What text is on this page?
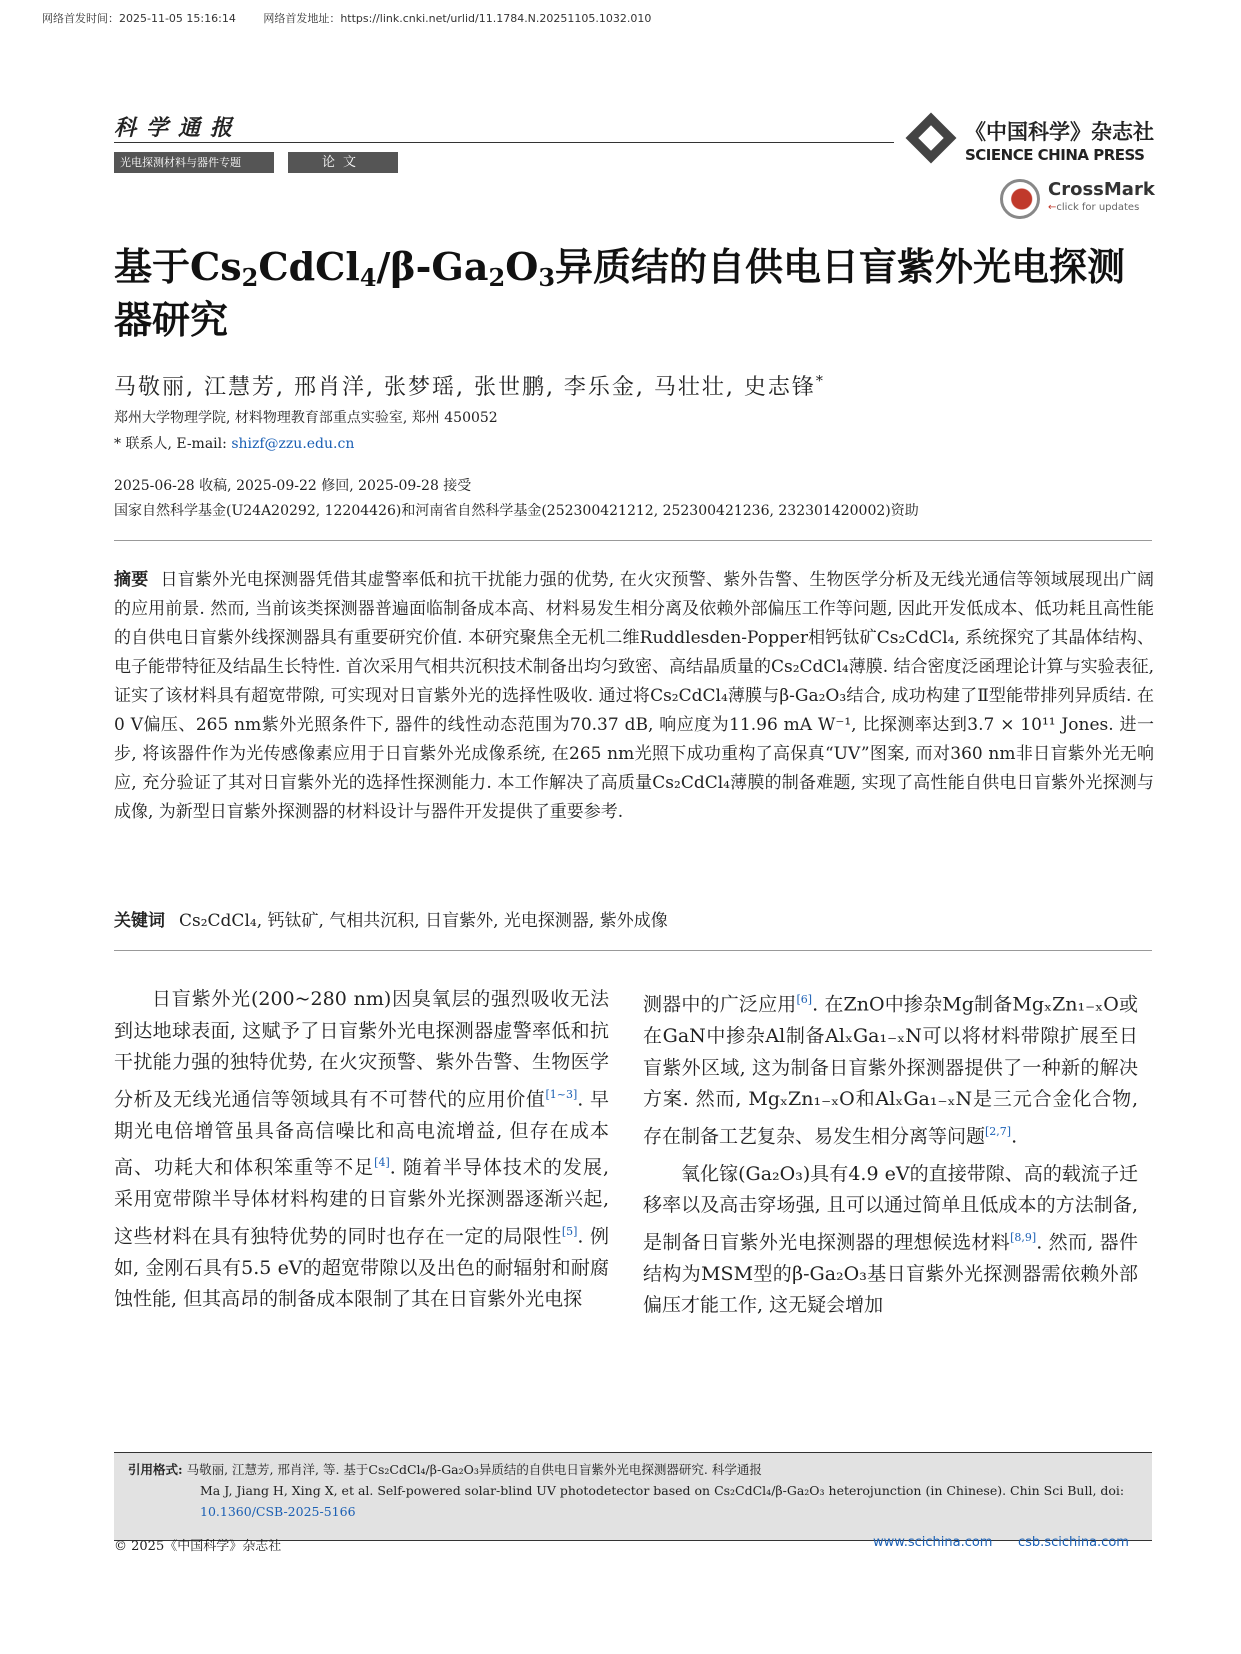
网络首发时间：2025-11-05 15:16:14	网络首发地址：https://link.cnki.net/urlid/11.1784.N.20251105.1032.010
科学通报
光电探测材料与器件专题	论文
《中国科学》杂志社
SCIENCE CHINA PRESS
CrossMark
← click for updates
基于$Cs_2CdCl_4/\beta-Ga_2O_3$异质结的自供电日盲紫外光电探测器研究
马敬丽, 江慧芳, 邢肖洋, 张梦瑶, 张世鹏, 李乐金, 马壮壮, 史志锋*
郑州大学物理学院, 材料物理教育部重点实验室, 郑州 450052
* 联系人, E-mail: shizf@zzu.edu.cn
2025-06-28 收稿, 2025-09-22 修回, 2025-09-28 接受
国家自然科学基金(U24A20292, 12204426)和河南省自然科学基金(252300421212, 252300421236, 232301420002)资助
摘要 日盲紫外光电探测器凭借其虚警率低和抗干扰能力强的优势, 在火灾预警、紫外告警、生物医学分析及无线光通信等领域展现出广阔的应用前景. 然而, 当前该类探测器普遍面临制备成本高、材料易发生相分离及依赖外部偏压工作等问题, 因此开发低成本、低功耗且高性能的自供电日盲紫外线探测器具有重要研究价值. 本研究聚焦全无机二维Ruddlesden-Popper相钙钛矿Cs₂CdCl₄, 系统探究了其晶体结构、电子能带特征及结晶生长特性. 首次采用气相共沉积技术制备出均匀致密、高结晶质量的Cs₂CdCl₄薄膜. 结合密度泛函理论计算与实验表征, 证实了该材料具有超宽带隙, 可实现对日盲紫外光的选择性吸收. 通过将Cs₂CdCl₄薄膜与β-Ga₂O₃结合, 成功构建了Ⅱ型能带排列异质结. 在0 V偏压、265 nm紫外光照条件下, 器件的线性动态范围为70.37 dB, 响应度为11.96 mA W⁻¹, 比探测率达到3.7 × 10¹¹ Jones. 进一步, 将该器件作为光传感像素应用于日盲紫外光成像系统, 在265 nm光照下成功重构了高保真“UV”图案, 而对360 nm非日盲紫外光无响应, 充分验证了其对日盲紫外光的选择性探测能力. 本工作解决了高质量Cs₂CdCl₄薄膜的制备难题, 实现了高性能自供电日盲紫外光探测与成像, 为新型日盲紫外探测器的材料设计与器件开发提供了重要参考.
关键词 Cs₂CdCl₄, 钙钛矿, 气相共沉积, 日盲紫外, 光电探测器, 紫外成像

日盲紫外光(200~280 nm)因臭氧层的强烈吸收无法到达地球表面, 这赋予了日盲紫外光电探测器虚警率低和抗干扰能力强的独特优势, 在火灾预警、紫外告警、生物医学分析及无线光通信等领域具有不可替代的应用价值[1~3]. 早期光电倍增管虽具备高信噪比和高电流增益, 但存在成本高、功耗大和体积笨重等不足[4]. 随着半导体技术的发展, 采用宽带隙半导体材料构建的日盲紫外光探测器逐渐兴起, 这些材料在具有独特优势的同时也存在一定的局限性[5]. 例如, 金刚石具有5.5 eV的超宽带隙以及出色的耐辐射和耐腐蚀性能, 但其高昂的制备成本限制了其在日盲紫外光电探

测器中的广泛应用[6]. 在ZnO中掺杂Mg制备MgₓZn₁₋ₓO或在GaN中掺杂Al制备AlₓGa₁₋ₓN可以将材料带隙扩展至日盲紫外区域, 这为制备日盲紫外探测器提供了一种新的解决方案. 然而, MgₓZn₁₋ₓO和AlₓGa₁₋ₓN是三元合金化合物, 存在制备工艺复杂、易发生相分离等问题[2,7].

氧化镓(Ga₂O₃)具有4.9 eV的直接带隙、高的载流子迁移率以及高击穿场强, 且可以通过简单且低成本的方法制备, 是制备日盲紫外光电探测器的理想候选材料[8,9]. 然而, 器件结构为MSM型的β-Ga₂O₃基日盲紫外光探测器需依赖外部偏压才能工作, 这无疑会增加

引用格式: 马敬丽, 江慧芳, 邢肖洋, 等. 基于Cs₂CdCl₄/β-Ga₂O₃异质结的自供电日盲紫外光电探测器研究. 科学通报
Ma J, Jiang H, Xing X, et al. Self-powered solar-blind UV photodetector based on Cs₂CdCl₄/β-Ga₂O₃ heterojunction (in Chinese). Chin Sci Bull, doi:
10.1360/CSB-2025-5166
© 2025《中国科学》杂志社	www.scichina.com csb.scichina.com
